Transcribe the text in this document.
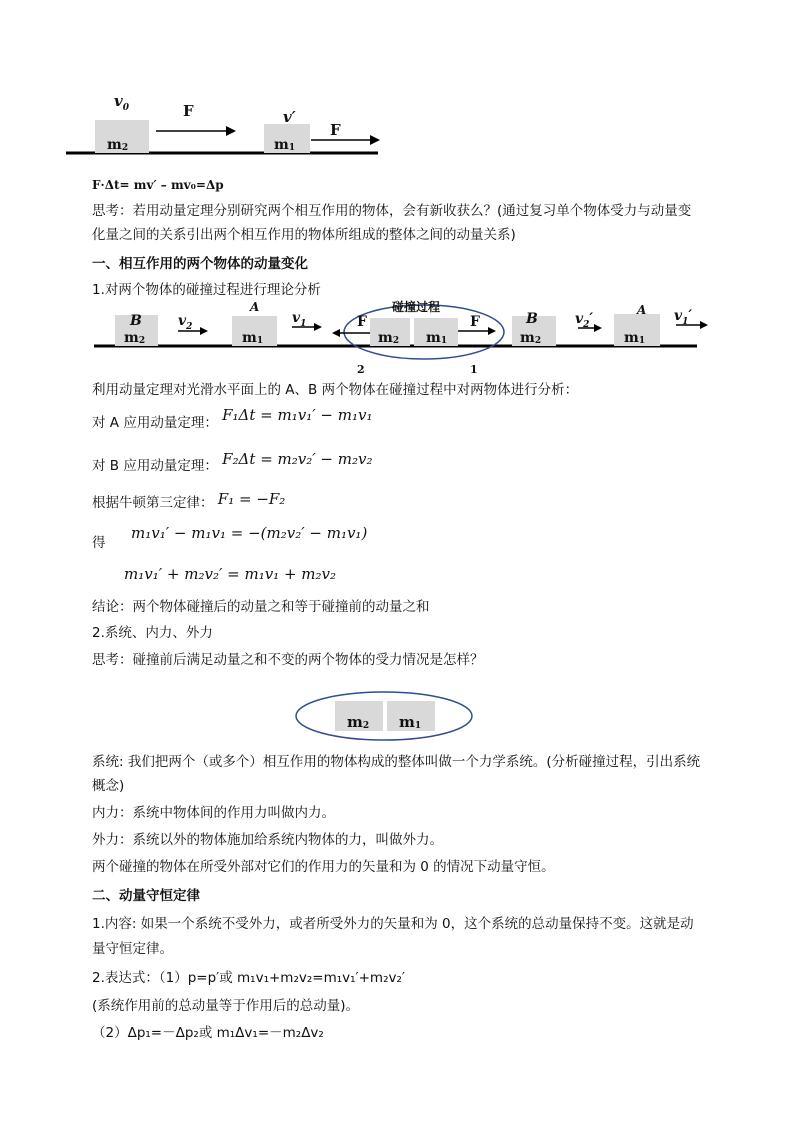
m 2	m 1
$v_0$	F	v′
F
F·Δt= mv′ – mv₀=Δp
思考：若用动量定理分别研究两个相互作用的物体，会有新收获么？(通过复习单个物体受力与动量变化量之间的关系引出两个相互作用的物体所组成的整体之间的动量关系)
一、相互作用的两个物体的动量变化
1.对两个物体的碰撞过程进行理论分析
m 2	m 1	m 2 m 1	m 2	m 1
碰撞过程
B
A
B
A
$v_2$
$v_1$	F	F
2	1
$v_2'$	$v_1'$
利用动量定理对光滑水平面上的 A、B 两个物体在碰撞过程中对两物体进行分析：
对 A 应用动量定理： F₁Δt = m₁v₁′ − m₁v₁
对 B 应用动量定理： F₂Δt = m₂v₂′ − m₂v₂
根据牛顿第三定律： F₁ = −F₂
得
m₁v₁′ − m₁v₁ = −(m₂v₂′ − m₁v₁)
m₁v₁′ + m₂v₂′ = m₁v₁ + m₂v₂
结论：两个物体碰撞后的动量之和等于碰撞前的动量之和
2.系统、内力、外力
思考：碰撞前后满足动量之和不变的两个物体的受力情况是怎样？
m 2 m 1
系统: 我们把两个（或多个）相互作用的物体构成的整体叫做一个力学系统。(分析碰撞过程，引出系统概念)
内力：系统中物体间的作用力叫做内力。
外力：系统以外的物体施加给系统内物体的力，叫做外力。
两个碰撞的物体在所受外部对它们的作用力的矢量和为 0 的情况下动量守恒。
二、动量守恒定律
1.内容: 如果一个系统不受外力，或者所受外力的矢量和为 0，这个系统的总动量保持不变。这就是动量守恒定律。
2.表达式：（1）p=p′或 m₁v₁+m₂v₂=m₁v₁′+m₂v₂′
(系统作用前的总动量等于作用后的总动量)。
（2）Δp₁=－Δp₂或 m₁Δv₁=－m₂Δv₂
